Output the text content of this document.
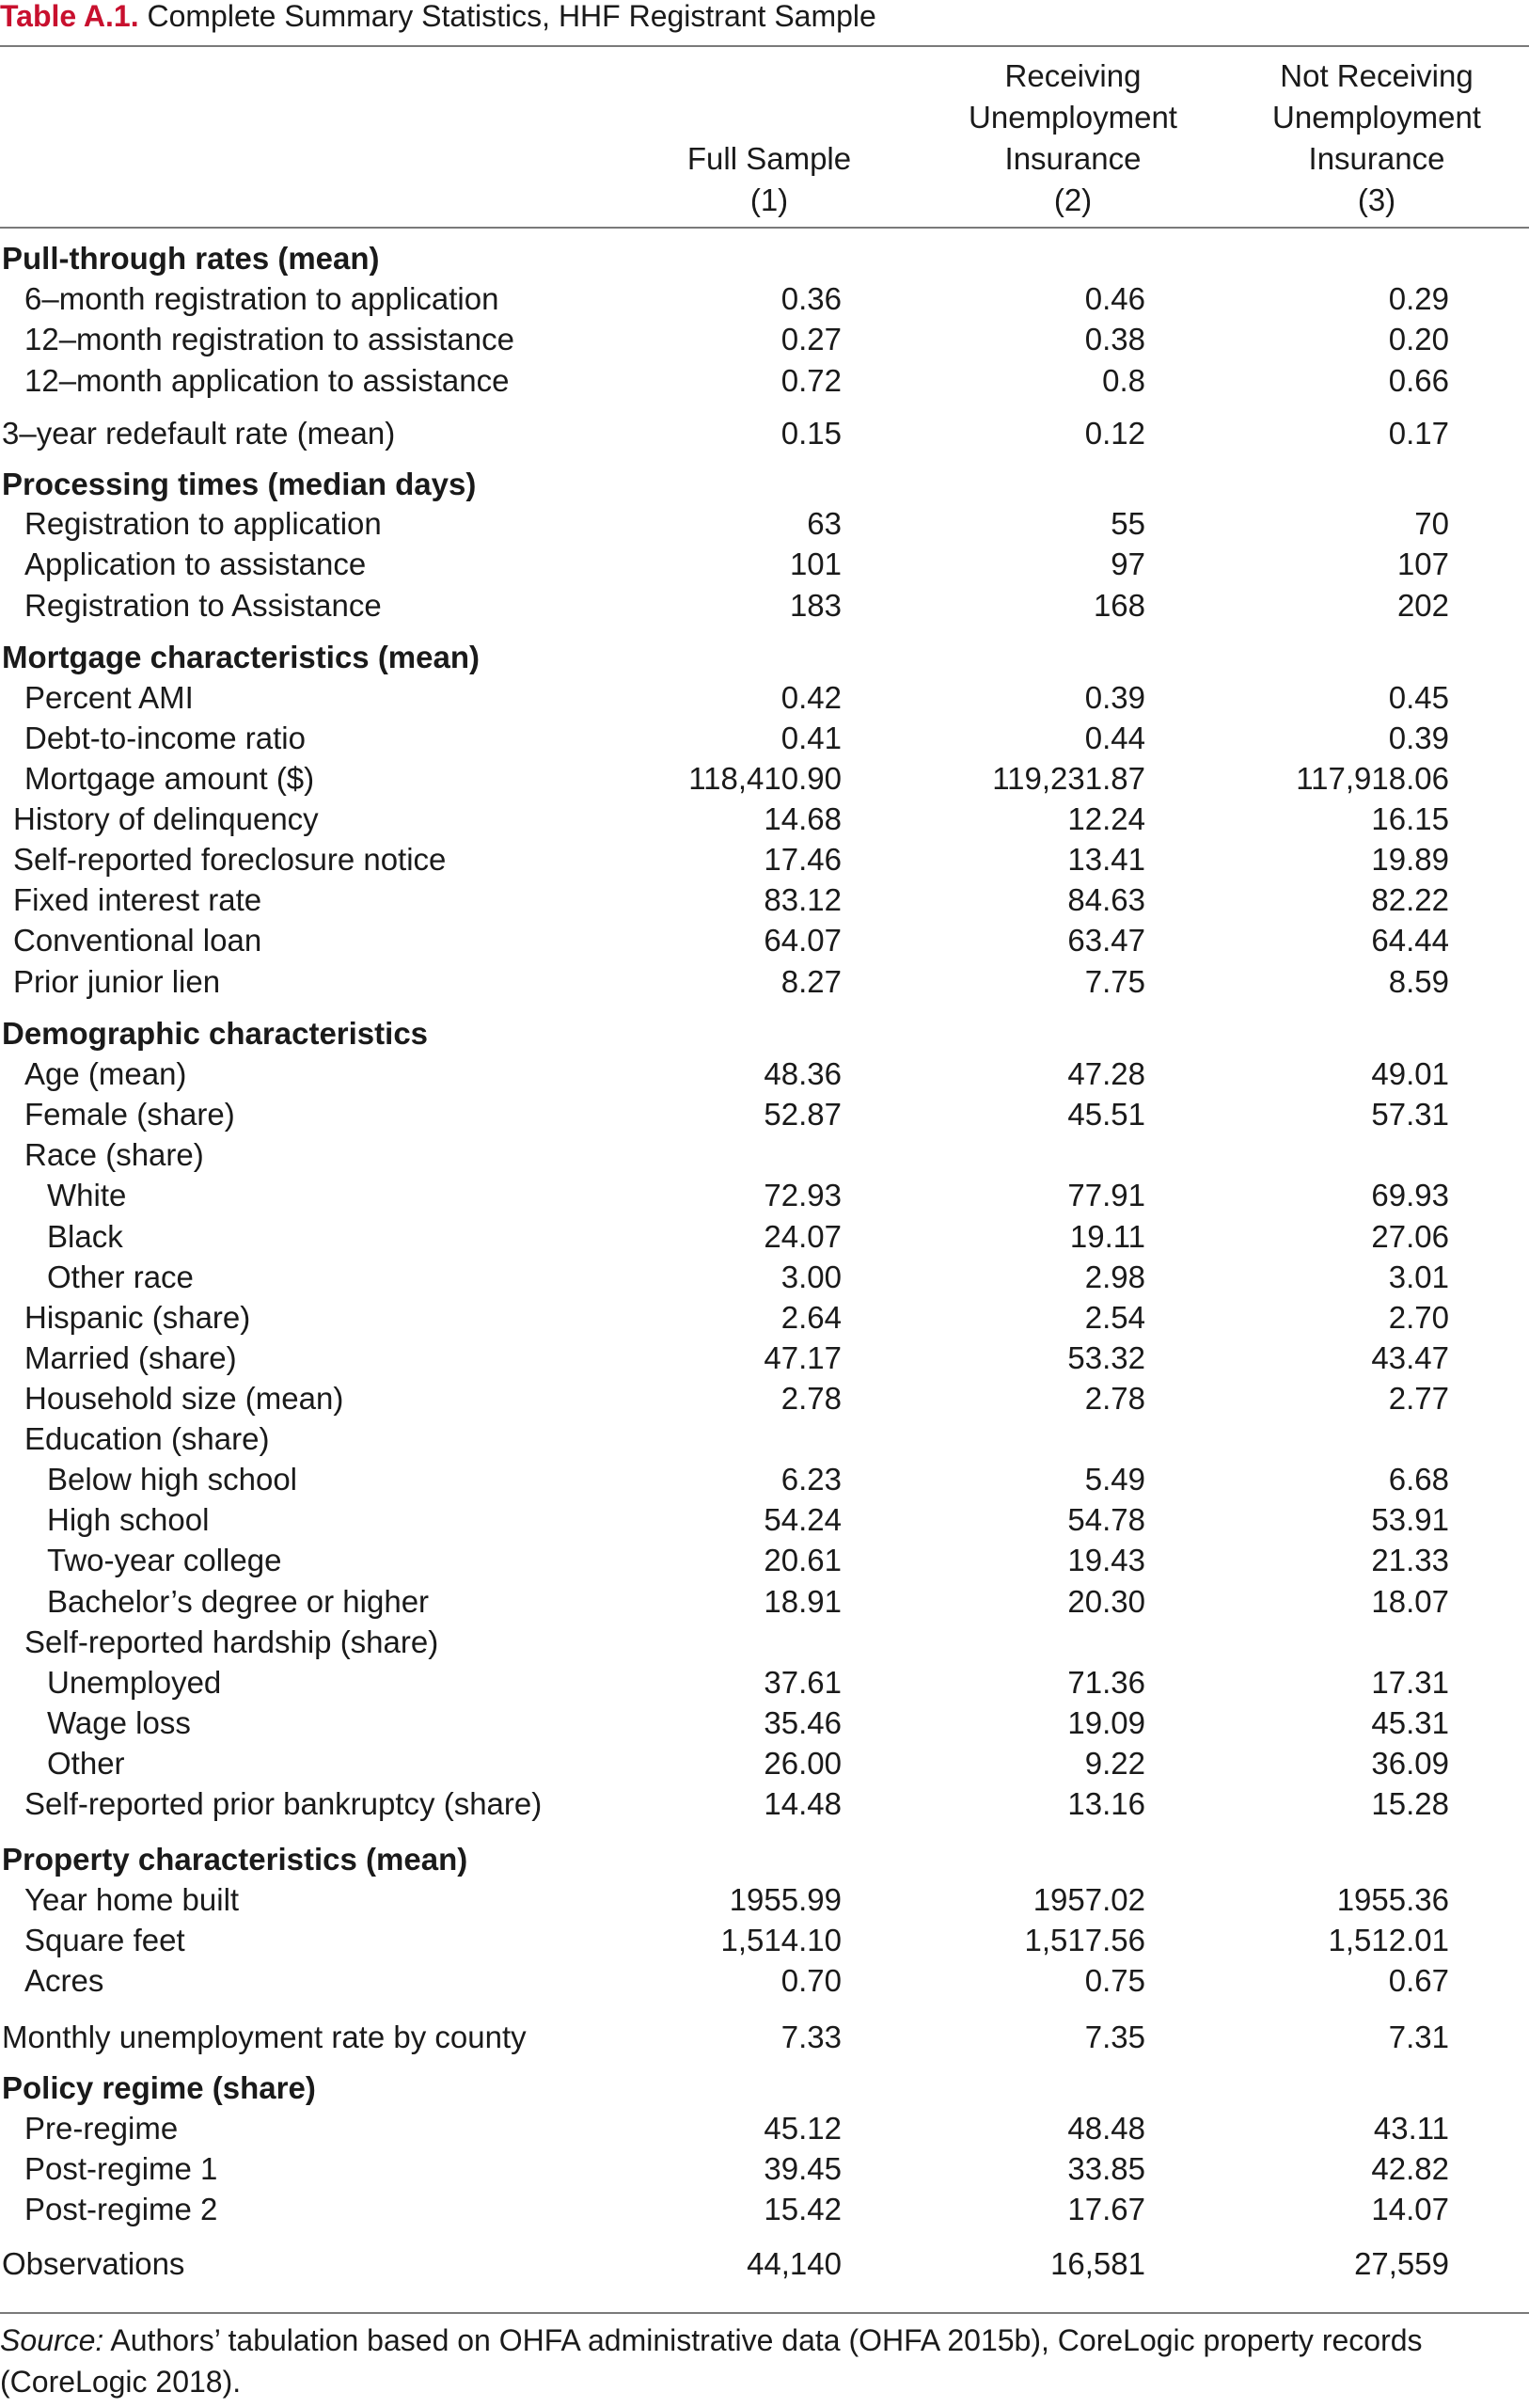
Table A.1. Complete Summary Statistics, HHF Registrant Sample

Full Sample
(1)
Receiving
Unemployment
Insurance
(2)
Not Receiving
Unemployment
Insurance
(3)
Pull-through rates (mean)
6–month registration to application	0.36	0.46	0.29
12–month registration to assistance	0.27	0.38	0.20
12–month application to assistance	0.72	0.8	0.66
3–year redefault rate (mean)	0.15	0.12	0.17
Processing times (median days)
Registration to application	63	55	70
Application to assistance	101	97	107
Registration to Assistance	183	168	202
Mortgage characteristics (mean)
Percent AMI	0.42	0.39	0.45
Debt-to-income ratio	0.41	0.44	0.39
Mortgage amount ($)	118,410.90	119,231.87	117,918.06
History of delinquency	14.68	12.24	16.15
Self-reported foreclosure notice	17.46	13.41	19.89
Fixed interest rate	83.12	84.63	82.22
Conventional loan	64.07	63.47	64.44
Prior junior lien	8.27	7.75	8.59
Demographic characteristics
Age (mean)	48.36	47.28	49.01
Female (share)	52.87	45.51	57.31
Race (share)
White	72.93	77.91	69.93
Black	24.07	19.11	27.06
Other race	3.00	2.98	3.01
Hispanic (share)	2.64	2.54	2.70
Married (share)	47.17	53.32	43.47
Household size (mean)	2.78	2.78	2.77
Education (share)
Below high school	6.23	5.49	6.68
High school	54.24	54.78	53.91
Two-year college	20.61	19.43	21.33
Bachelor’s degree or higher	18.91	20.30	18.07
Self-reported hardship (share)
Unemployed	37.61	71.36	17.31
Wage loss	35.46	19.09	45.31
Other	26.00	9.22	36.09
Self-reported prior bankruptcy (share)	14.48	13.16	15.28
Property characteristics (mean)
Year home built	1955.99	1957.02	1955.36
Square feet	1,514.10	1,517.56	1,512.01
Acres	0.70	0.75	0.67
Monthly unemployment rate by county	7.33	7.35	7.31
Policy regime (share)
Pre-regime	45.12	48.48	43.11
Post-regime 1	39.45	33.85	42.82
Post-regime 2	15.42	17.67	14.07
Observations	44,140	16,581	27,559
Source: Authors’ tabulation based on OHFA administrative data (OHFA 2015b), CoreLogic property records (CoreLogic 2018).
